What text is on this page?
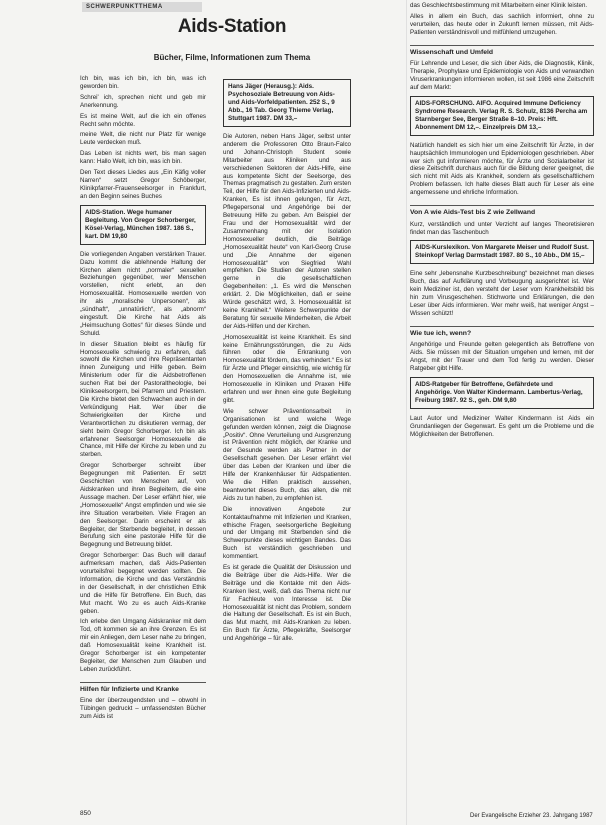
SCHWERPUNKTTHEMA
Aids-Station
Bücher, Filme, Informationen zum Thema

Ich bin, was ich bin, ich bin, was ich geworden bin.

Schrei' ich, sprechen nicht und geb mir Anerkennung.

Es ist meine Welt, auf die ich ein offenes Recht sehn möchte.

meine Welt, die nicht nur Platz für wenige Leute verdecken muß.

Das Leben ist nichts wert, bis man sagen kann: Hallo Welt, ich bin, was ich bin.

Den Text dieses Liedes aus „Ein Käfig voller Narren“ setzt Gregor Schöberger, Klinikpfarrer-Frauenseelsorger in Frankfurt, an den Beginn seines Buches

AIDS-Station. Wege humaner Begleitung. Von Gregor Schorberger, Kösel-Verlag, München 1987. 186 S., kart. DM 19,80

Die vorliegenden Angaben verstärken Trauer. Dazu kommt die ablehnende Haltung der Kirchen allem nicht „normaler“ sexuellen Beziehungen gegenüber, wer Menschen vorstellen, nicht erlebt, an den Homosexualität. Homosexuelle werden von ihr als „moralische Unpersonen“, als „sündhaft“, „unnatürlich“, als „abnorm“ eingestuft. Die Kirche hat Aids als „Heimsuchung Gottes“ für dieses Sünde und Schuld.

In dieser Situation bleibt es häufig für Homosexuelle schwierig zu erfahren, daß sowohl die Kirchen und ihre Repräsentanten ihnen Zuneigung und Hilfe geben. Beim Ministerium oder für die Aidsbetroffenen suchen Rat bei der Pastoraltheologie, bei Klinikseelsorgern, bei Pfarrern und Priestern. Die Kirche bietet den Schwachen auch in der Verkündigung Halt. Wer über die Schwierigkeiten der Kirche und Verantwortlichen zu diskutieren vermag, der sieht beim Gregor Schorberger. Ich bin als erfahrener Seelsorger Homosexuelle die Chance, mit Hilfe der Kirche zu leben und zu sterben.

Gregor Schorberger schreibt über Begegnungen mit Patienten. Er setzt Geschichten von Menschen auf, von Aidskranken und ihren Begleitern, die eine Aussage machen. Der Leser erfährt hier, wie „Homosexuelle“ Angst empfinden und wie sie ihre Situation verarbeiten. Viele Fragen an den Seelsorger. Darin erscheint er als Begleiter, der Sterbende begleitet, in dessen Berufung sich eine pastorale Hilfe für die Begegnung und Betreuung bildet.

Gregor Schorberger: Das Buch will darauf aufmerksam machen, daß Aids-Patienten vorurteilsfrei begegnet werden sollten. Die Information, die Kirche und das Verständnis in der Gesellschaft, in der christlichen Ethik und die Hilfe für Betroffene. Ein Buch, das Mut macht. Wo zu es auch Aids-Kranke geben.

Ich erlebe den Umgang Aidskranker mit dem Tod, oft kommen sie an ihre Grenzen. Es ist mir ein Anliegen, dem Leser nahe zu bringen, daß Homosexualität keine Krankheit ist. Gregor Schorberger ist ein kompetenter Begleiter, der Menschen zum Glauben und Leben zurückführt.

Hilfen für Infizierte und Kranke

Eine der überzeugendsten und – obwohl in Tübingen gedruckt – umfassendsten Bücher zum Aids ist

Hans Jäger (Herausg.): Aids. Psychosoziale Betreuung von Aids- und Aids-Vorfeldpatienten. 252 S., 9 Abb., 16 Tab. Georg Thieme Verlag, Stuttgart 1987. DM 33,–

Die Autoren, neben Hans Jäger, selbst unter anderem die Professoren Otto Braun-Falco und Johann-Christoph Student sowie Mitarbeiter aus Kliniken und aus verschiedenen Sektoren der Aids-Hilfe, eine aus kompetente Sicht der Seelsorge, des Themas pragmatisch zu gestalten. Zum ersten Teil, der Hilfe für den Aids-Infizierten und Aids-Kranken, Es ist ihnen gelungen, für Arzt, Pflegepersonal und Angehörige bei der Betreuung Hilfe zu geben. Am Beispiel der Frau und der Homosexualität wird der Zusammenhang mit der Isolation Homosexueller deutlich, die Beiträge „Homosexualität heute“ von Karl-Georg Cruse und „Die Annahme der eigenen Homosexualität“ von Siegfried Wahl empfehlen. Die Studien der Autoren stellen gerne in die gesellschaftlichen Gegebenheiten: „1. Es wird die Menschen erklärt. 2. Die Möglichkeiten, daß er seine Würde geschätzt wird, 3. Homosexualität ist keine Krankheit.“ Weitere Schwerpunkte der Beratung für sexuelle Minderheiten, die Arbeit der Aids-Hilfen und der Kirchen.

„Homosexualität ist keine Krankheit. Es sind keine Ernährungsstörungen, die zu Aids führen oder die Erkrankung von Homosexualität fördern, das verhindert.“ Es ist für Ärzte und Pfleger einsichtig, wie wichtig für den Homosexuellen die Annahme ist, wie Homosexuelle in Kliniken und Praxen Hilfe erfahren und wer ihnen eine gute Begleitung gibt.

Wie schwer Präventionsarbeit in Organisationen ist und welche Wege gefunden werden können, zeigt die Diagnose „Positiv“. Ohne Verurteilung und Ausgrenzung ist Prävention nicht möglich, der Kranke und der Gesunde werden als Partner in der Gesellschaft gesehen. Der Leser erfährt viel über das Leben der Kranken und über die Hilfe der Krankenhäuser für Aidspatienten. Wie die Hilfen praktisch aussehen, beantwortet dieses Buch, das allen, die mit Aids zu tun haben, zu empfehlen ist.

Die innovativen Angebote zur Kontaktaufnahme mit Infizierten und Kranken, ethische Fragen, seelsorgerliche Begleitung und der Umgang mit Sterbenden sind die Schwerpunkte dieses wichtigen Bandes. Das Buch ist verständlich geschrieben und kommentiert.

Es ist gerade die Qualität der Diskussion und die Beiträge über die Aids-Hilfe. Wer die Beiträge und die Kontakte mit den Aids-Kranken liest, weiß, daß das Thema nicht nur für Fachleute von Interesse ist. Die Homosexualität ist nicht das Problem, sondern die Haltung der Gesellschaft. Es ist ein Buch, das Mut macht, mit Aids-Kranken zu leben. Ein Buch für Ärzte, Pflegekräfte, Seelsorger und Angehörige – für alle.

das Geschlechtsbestimmung mit Mitarbeitern einer Klinik leisten.

Alles in allem ein Buch, das sachlich informiert, ohne zu verurteilen, das heute oder in Zukunft lernen müssen, mit Aids-Patienten verständnisvoll und mitfühlend umzugehen.

Wissenschaft und Umfeld

Für Lehrende und Leser, die sich über Aids, die Diagnostik, Klinik, Therapie, Prophylaxe und Epidemiologie von Aids und verwandten Viruserkrankungen informieren wollen, ist seit 1986 eine Zeitschrift auf dem Markt:

AIDS-FORSCHUNG. AIFO. Acquired Immune Deficiency Syndrome Research. Verlag R. S. Schulz, 8136 Percha am Starnberger See, Berger Straße 8–10. Preis: Hft. Abonnement DM 12,–. Einzelpreis DM 13,–

Natürlich handelt es sich hier um eine Zeitschrift für Ärzte, in der hauptsächlich Immunologen und Epidemiologen geschrieben. Aber wer sich gut informieren möchte, für Ärzte und Sozialarbeiter ist diese Zeitschrift durchaus auch für die Bildung derer geeignet, die sich nicht mit Aids als Krankheit, sondern als gesellschaftlichem Problem befassen. Ich halte dieses Blatt auch für Leser als eine angemessene und ehrliche Information.

Von A wie Aids-Test bis Z wie Zellwand

Kurz, verständlich und unter Verzicht auf langes Theoretisieren findet man das Taschenbuch

AIDS-Kurslexikon. Von Margarete Meiser und Rudolf Sust. Steinkopf Verlag Darmstadt 1987. 80 S., 10 Abb., DM 15,–

Eine sehr „lebensnahe Kurzbeschreibung“ bezeichnet man dieses Buch, das auf Aufklärung und Vorbeugung ausgerichtet ist. Wer kein Mediziner ist, den versteht der Leser vom Krankheitsbild bis hin zum Virusgeschehen. Stichworte und Erklärungen, die den Leser über Aids informieren. Wer mehr weiß, hat weniger Angst – Wissen schützt!

Wie tue ich, wenn?

Angehörige und Freunde gelten gelegentlich als Betroffene von Aids. Sie müssen mit der Situation umgehen und lernen, mit der Angst, mit der Trauer und dem Tod fertig zu werden. Dieser Ratgeber gibt Hilfe.

AIDS-Ratgeber für Betroffene, Gefährdete und Angehörige. Von Walter Kindermann. Lambertus-Verlag, Freiburg 1987. 92 S., geh. DM 9,80

Laut Autor und Mediziner Walter Kindermann ist Aids ein Grundanliegen der Gegenwart. Es geht um die Probleme und die Möglichkeiten der Betroffenen.

850	Der Evangelische Erzieher 23. Jahrgang 1987
